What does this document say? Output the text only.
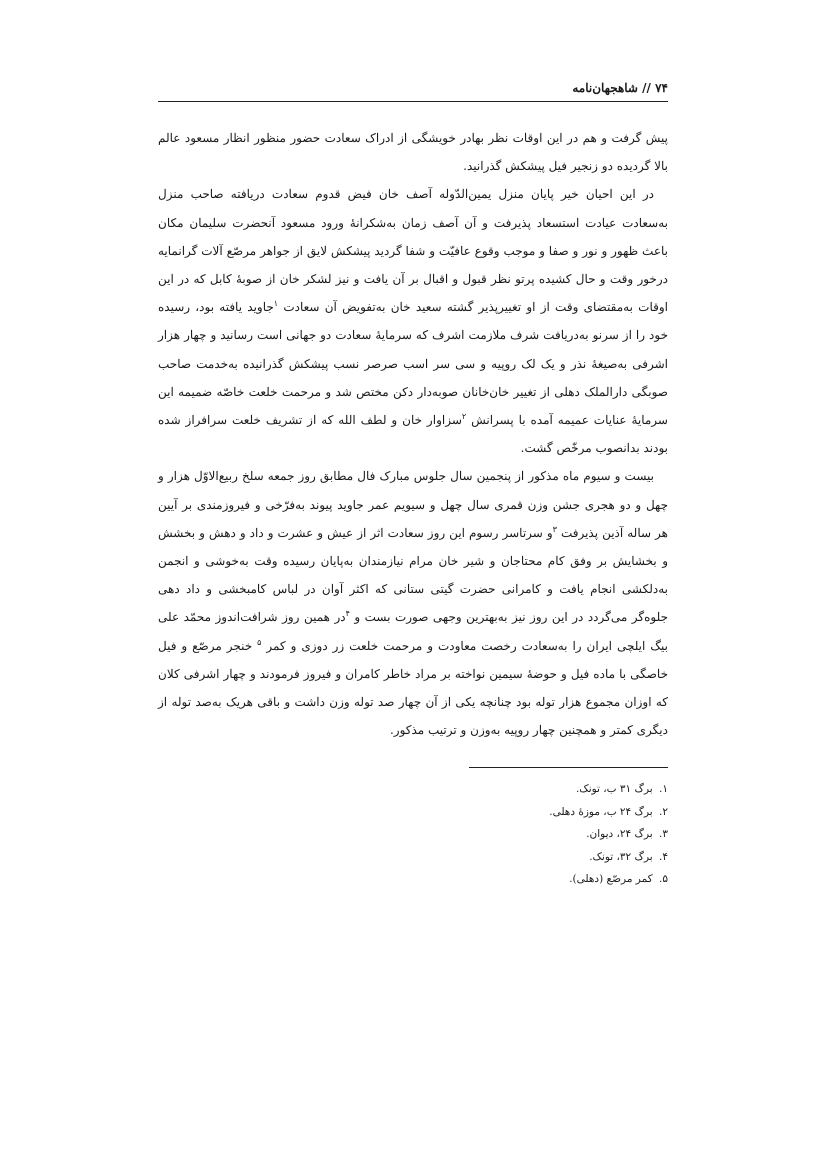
۷۴ // شاهجهان‌نامه

پیش گرفت و هم در این اوقات نظر بهادر خویشگی از ادراک سعادت حضور منظور انظار مسعود عالم بالا گردیده دو زنجیر فیل پیشکش گذرانید.

در این احیان خیر پایان منزل یمین‌الدّوله آصف خان فیض قدوم سعادت دریافته صاحب منزل به‌سعادت عیادت استسعاد پذیرفت و آن آصف زمان به‌شکرانهٔ ورود مسعود آنحضرت سلیمان مکان باعث ظهور و نور و صفا و موجب وقوع عافیّت و شفا گردید پیشکش لایق از جواهر مرصّع آلات گرانمایه درخور وقت و حال کشیده پرتو نظر قبول و اقبال بر آن یافت و نیز لشکر خان از صوبهٔ کابل که در این اوقات به‌مقتضای وقت از او تغییرپذیر گشته سعید خان به‌تفویض آن سعادت $^۱$جاوید یافته بود، رسیده خود را از سرنو به‌دریافت شرف ملازمت اشرف که سرمایهٔ سعادت دو جهانی است رسانید و چهار هزار اشرفی به‌صیغهٔ نذر و یک لک روپیه و سی سر اسب صرصر نسب پیشکش گذرانیده به‌خدمت صاحب صوبگی دارالملک دهلی از تغییر خان‌خانان صوبه‌دار دکن مختص شد و مرحمت خلعت خاصّه ضمیمه این سرمایهٔ عنایات عمیمه آمده با پسرانش $^۲$سزاوار خان و لطف الله که از تشریف خلعت سرافراز شده بودند بدانصوب مرخّص گشت.

بیست و سیوم ماه مذکور از پنجمین سال جلوس مبارک فال مطابق روز جمعه سلخ ربیع‌الاوّل هزار و چهل و دو هجری جشن وزن قمری سال چهل و سیویم عمر جاوید پیوند به‌فرّخی و فیروزمندی بر آیین هر ساله آذین پذیرفت $^۳$و سرتاسر رسوم این روز سعادت اثر از عیش و عشرت و داد و دهش و بخشش و بخشایش بر وفق کام محتاجان و شیر خان مرام نیازمندان به‌پایان رسیده وقت به‌خوشی و انجمن به‌دلکشی انجام یافت و کامرانی حضرت گیتی ستانی که اکثر آوان در لباس کامبخشی و داد دهی جلوه‌گر می‌گردد در این روز نیز به‌بهترین وجهی صورت بست و $^۴$در همین روز شرافت‌اندوز محمّد علی بیگ ایلچی ایران را به‌سعادت رخصت معاودت و مرحمت خلعت زر دوزی و کمر $^۵$ خنجر مرصّع و فیل خاصگی با ماده فیل و حوضهٔ سیمین نواخته بر مراد خاطر کامران و فیروز فرمودند و چهار اشرفی کلان که اوزان مجموع هزار توله بود چنانچه یکی از آن چهار صد توله وزن داشت و باقی هریک به‌صد توله از دیگری کمتر و همچنین چهار روپیه به‌وزن و ترتیب مذکور.

۱. برگ ۳۱ ب، تونک.
۲. برگ ۲۴ ب، موزهٔ دهلی.
۳. برگ ۲۴، دیوان.
۴. برگ ۳۲، تونک.
۵. کمر مرصّع (دهلی).
